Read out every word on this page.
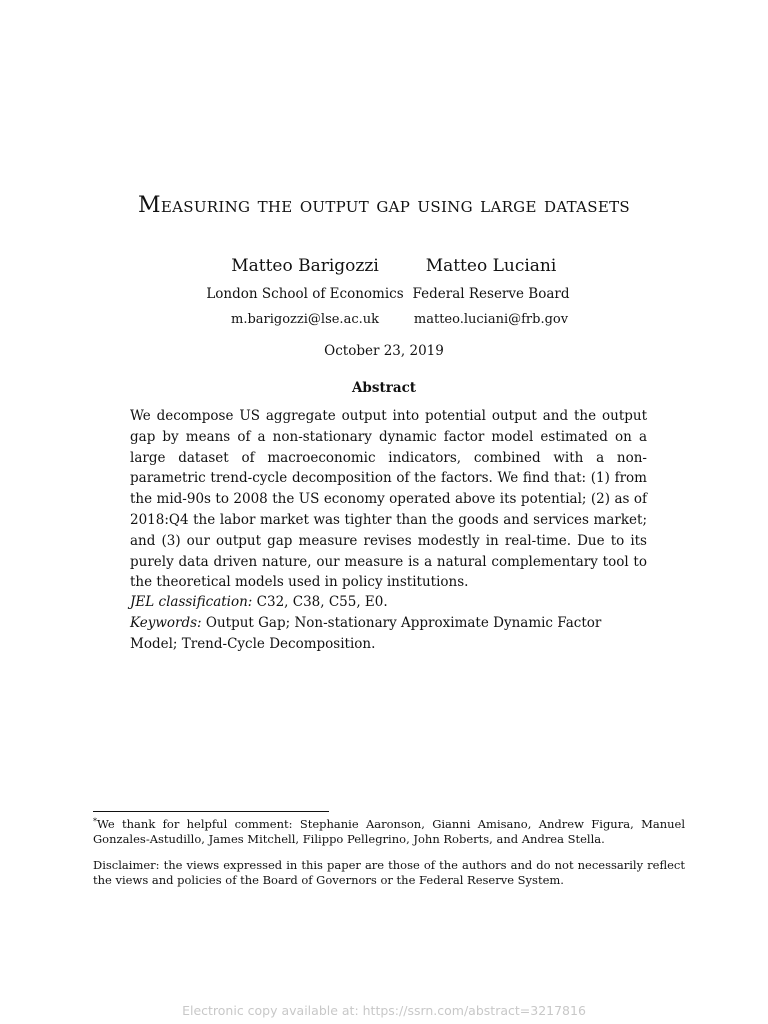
Measuring the output gap using large datasets
Matteo Barigozzi
London School of Economics
m.barigozzi@lse.ac.uk
Matteo Luciani
Federal Reserve Board
matteo.luciani@frb.gov
October 23, 2019
Abstract
We decompose US aggregate output into potential output and the output gap by means of a non-stationary dynamic factor model estimated on a large dataset of macroeconomic indicators, combined with a non-parametric trend-cycle decomposition of the factors. We find that: (1) from the mid-90s to 2008 the US economy operated above its potential; (2) as of 2018:Q4 the labor market was tighter than the goods and services market; and (3) our output gap measure revises modestly in real-time. Due to its purely data driven nature, our measure is a natural complementary tool to the theoretical models used in policy institutions.
JEL classification: C32, C38, C55, E0.
Keywords: Output Gap; Non-stationary Approximate Dynamic Factor Model; Trend-Cycle Decomposition.
*We thank for helpful comment: Stephanie Aaronson, Gianni Amisano, Andrew Figura, Manuel Gonzales-Astudillo, James Mitchell, Filippo Pellegrino, John Roberts, and Andrea Stella.
Disclaimer: the views expressed in this paper are those of the authors and do not necessarily reflect the views and policies of the Board of Governors or the Federal Reserve System.
Electronic copy available at: https://ssrn.com/abstract=3217816
